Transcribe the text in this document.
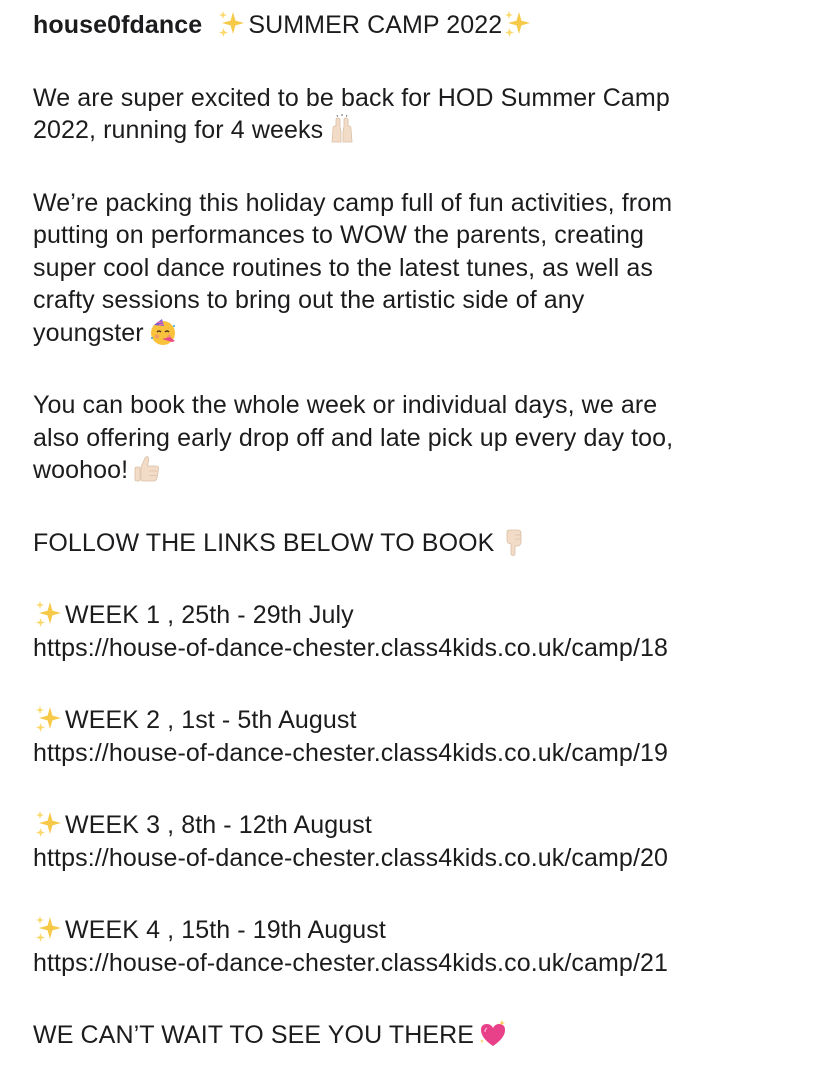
house0fdance SUMMER CAMP 2022
We are super excited to be back for HOD Summer Camp
2022, running for 4 weeks
We’re packing this holiday camp full of fun activities, from
putting on performances to WOW the parents, creating
super cool dance routines to the latest tunes, as well as
crafty sessions to bring out the artistic side of any
youngster
You can book the whole week or individual days, we are
also offering early drop off and late pick up every day too,
woohoo!
FOLLOW THE LINKS BELOW TO BOOK
WEEK 1 , 25th - 29th July
https://house-of-dance-chester.class4kids.co.uk/camp/18
WEEK 2 , 1st - 5th August
https://house-of-dance-chester.class4kids.co.uk/camp/19
WEEK 3 , 8th - 12th August
https://house-of-dance-chester.class4kids.co.uk/camp/20
WEEK 4 , 15th - 19th August
https://house-of-dance-chester.class4kids.co.uk/camp/21
WE CAN’T WAIT TO SEE YOU THERE
